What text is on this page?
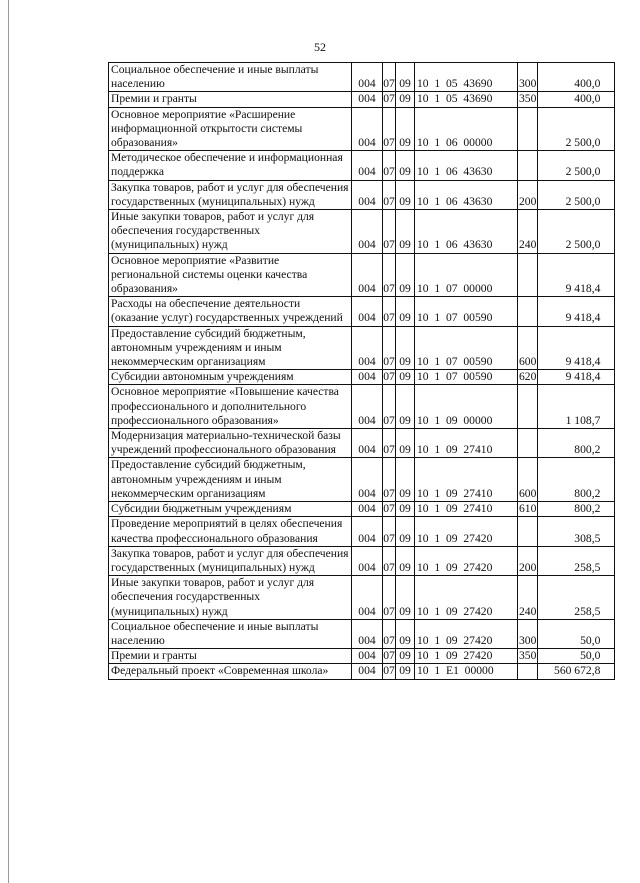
52
Социальное обеспечение и иные выплаты населению	004	07	09	10  1  05  43690	300	400,0
Премии и гранты	004	07	09	10  1  05  43690	350	400,0
Основное мероприятие «Расширение информационной открытости системы образования»	004	07	09	10  1  06  00000		2 500,0
Методическое обеспечение и информационная поддержка	004	07	09	10  1  06  43630		2 500,0
Закупка товаров, работ и услуг для обеспечения государственных (муниципальных) нужд	004	07	09	10  1  06  43630	200	2 500,0
Иные закупки товаров, работ и услуг для обеспечения государственных (муниципальных) нужд	004	07	09	10  1  06  43630	240	2 500,0
Основное мероприятие «Развитие региональной системы оценки качества образования»	004	07	09	10  1  07  00000		9 418,4
Расходы на обеспечение деятельности (оказание услуг) государственных учреждений	004	07	09	10  1  07  00590		9 418,4
Предоставление субсидий бюджетным, автономным учреждениям и иным некоммерческим организациям	004	07	09	10  1  07  00590	600	9 418,4
Субсидии автономным учреждениям	004	07	09	10  1  07  00590	620	9 418,4
Основное мероприятие «Повышение качества профессионального и дополнительного профессионального образования»	004	07	09	10  1  09  00000		1 108,7
Модернизация материально-технической базы учреждений профессионального образования	004	07	09	10  1  09  27410		800,2
Предоставление субсидий бюджетным, автономным учреждениям и иным некоммерческим организациям	004	07	09	10  1  09  27410	600	800,2
Субсидии бюджетным учреждениям	004	07	09	10  1  09  27410	610	800,2
Проведение мероприятий в целях обеспечения качества профессионального образования	004	07	09	10  1  09  27420		308,5
Закупка товаров, работ и услуг для обеспечения государственных (муниципальных) нужд	004	07	09	10  1  09  27420	200	258,5
Иные закупки товаров, работ и услуг для обеспечения государственных (муниципальных) нужд	004	07	09	10  1  09  27420	240	258,5
Социальное обеспечение и иные выплаты населению	004	07	09	10  1  09  27420	300	50,0
Премии и гранты	004	07	09	10  1  09  27420	350	50,0
Федеральный проект «Современная школа»	004	07	09	10  1  E1  00000		560 672,8
